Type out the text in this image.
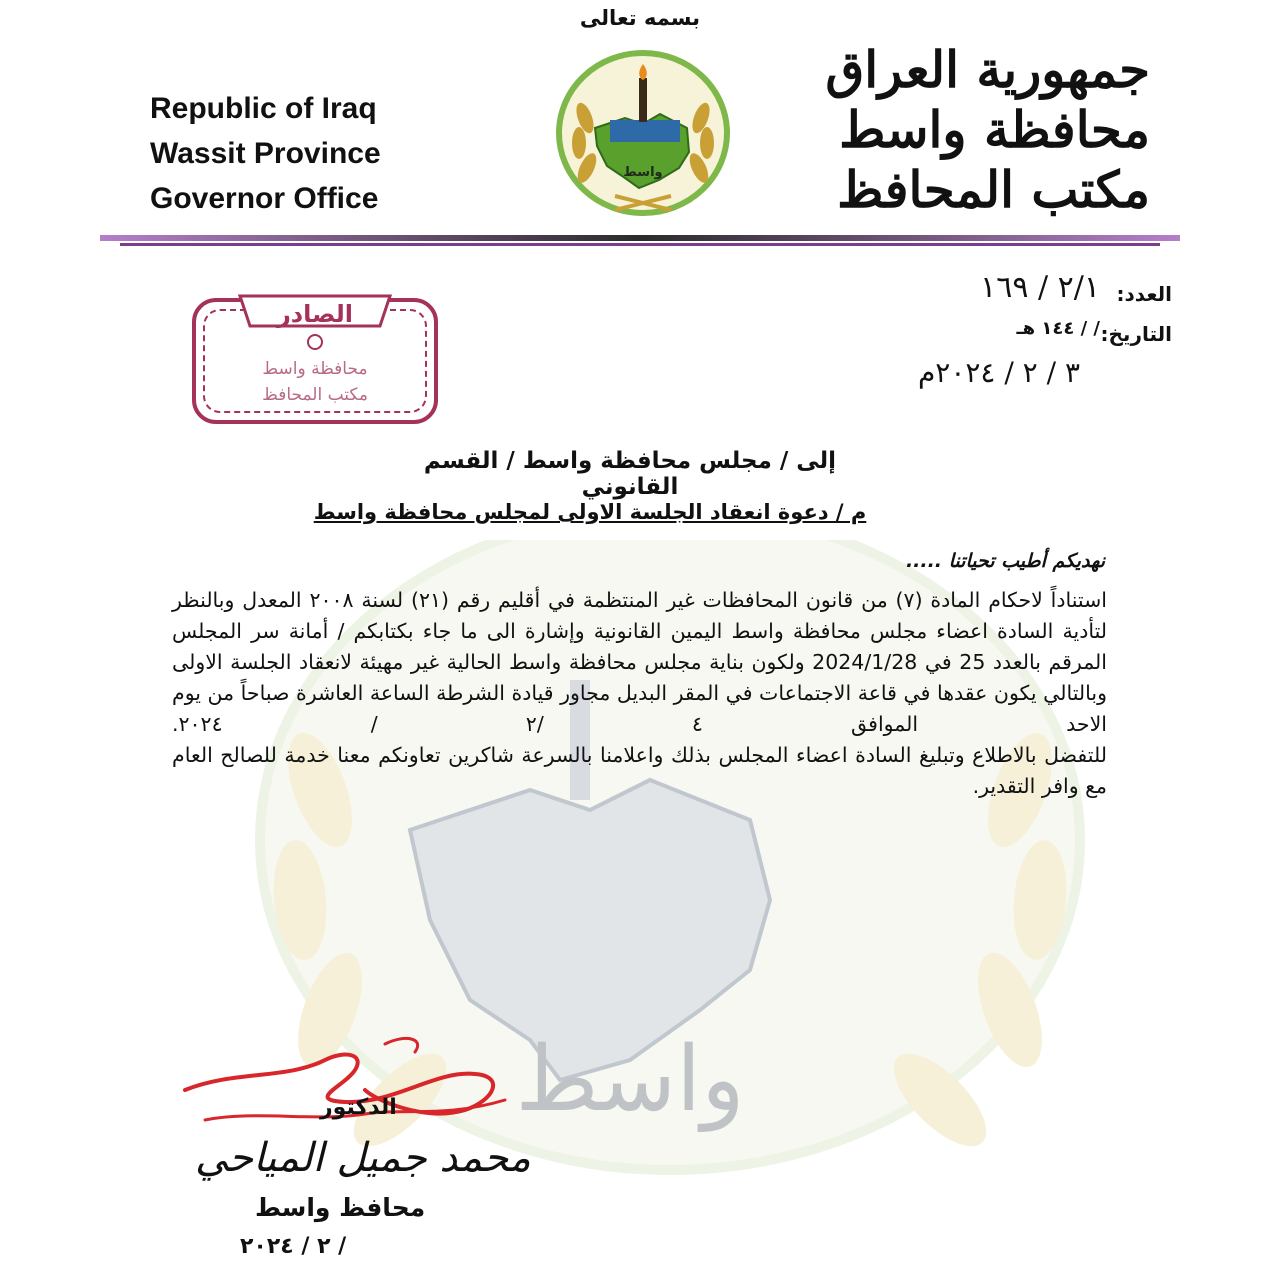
واسط
بسمه تعالى
Republic of Iraq
Wassit Province
Governor Office
جمهورية العراق
محافظة واسط
مكتب المحافظ
واسط
العدد:
٢/١ / ١٦٩
التاريخ:
/ / ١٤٤ هـ
٣ / ٢ / ٢٠٢٤م
الصادر
محافظة واسط
مكتب المحافظ
إلى / مجلس محافظة واسط / القسم القانوني
م / دعوة انعقاد الجلسة الاولى لمجلس محافظة واسط
نهديكم أطيب تحياتنا .....

استناداً لاحكام المادة (٧) من قانون المحافظات غير المنتظمة في أقليم رقم (٢١) لسنة ٢٠٠٨ المعدل وبالنظر لتأدية السادة اعضاء مجلس محافظة واسط اليمين القانونية وإشارة الى ما جاء بكتابكم / أمانة سر المجلس المرقم بالعدد 25 في 2024/1/28 ولكون بناية مجلس محافظة واسط الحالية غير مهيئة لانعقاد الجلسة الاولى وبالتالي يكون عقدها في قاعة الاجتماعات في المقر البديل مجاور قيادة الشرطة الساعة العاشرة صباحاً من يوم الاحد الموافق ٤ /٢ / ٢٠٢٤.

للتفضل بالاطلاع وتبليغ السادة اعضاء المجلس بذلك واعلامنا بالسرعة شاكرين تعاونكم معنا خدمة للصالح العام مع وافر التقدير.

الدكتور
محمد جميل المياحي
محافظ واسط
/ ٢ / ٢٠٢٤
